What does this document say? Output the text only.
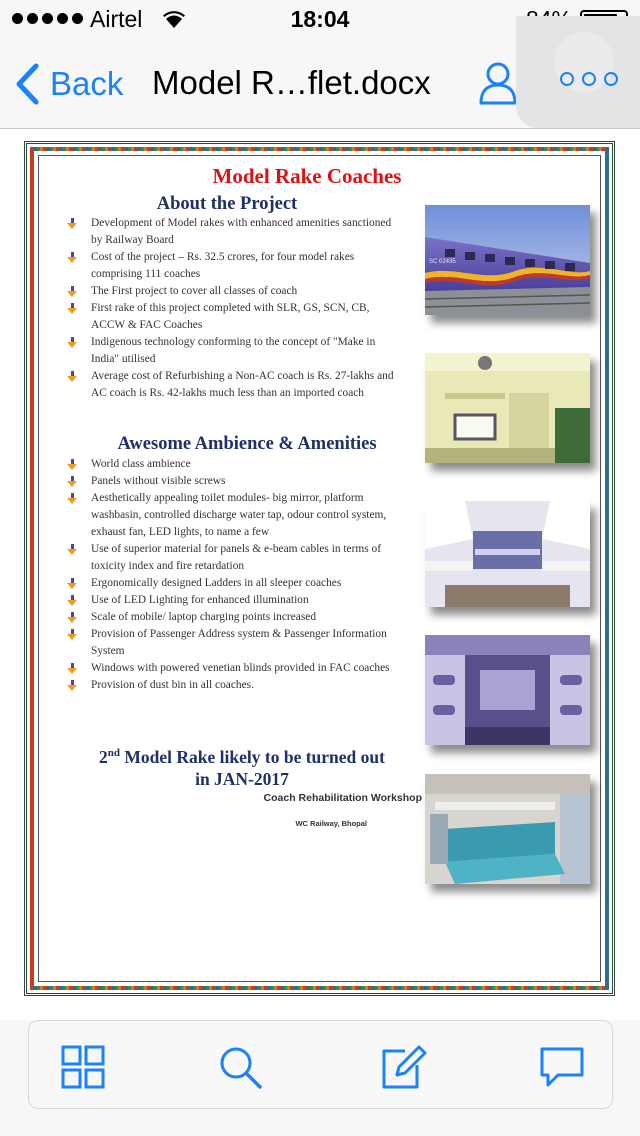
Airtel	18:04
Back Model R…flet.docx
Model Rake Coaches
About the Project
Development of Model rakes with enhanced amenities sanctioned by Railway Board
Cost of the project – Rs. 32.5 crores, for four model rakes comprising 111 coaches
The First project to cover all classes of coach
First rake of this project completed with SLR, GS, SCN, CB, ACCW & FAC Coaches
Indigenous technology conforming to the concept of "Make in India" utilised
Average cost of Refurbishing a Non-AC coach is Rs. 27-lakhs and AC coach is Rs. 42-lakhs much less than an imported coach
Awesome Ambience & Amenities
World class ambience
Panels without visible screws
Aesthetically appealing toilet modules- big mirror, platform washbasin, controlled discharge water tap, odour control system, exhaust fan, LED lights, to name a few
Use of superior material for panels & e-beam cables in terms of toxicity index and fire retardation
Ergonomically designed Ladders in all sleeper coaches
Use of LED Lighting for enhanced illumination
Scale of mobile/ laptop charging points increased
Provision of Passenger Address system & Passenger Information System
Windows with powered venetian blinds provided in FAC coaches
Provision of dust bin in all coaches.
2nd Model Rake likely to be turned out
in JAN-2017
Coach Rehabilitation Workshop
WC Railway, Bhopal
SC 02435
